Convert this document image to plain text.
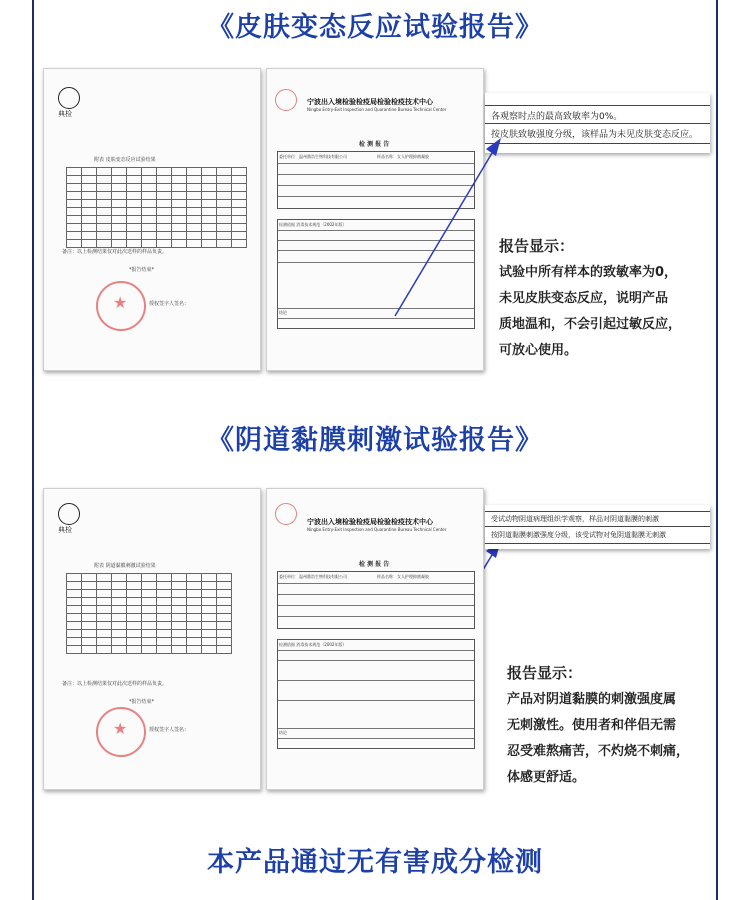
《皮肤变态反应试验报告》
典检
附表 皮肤变态反应试验结果

备注：以上检测结果仅对此次送样的样品负责。
*报告结束*
★
授权签字人签名：
宁波出入境检验检疫局检验检疫技术中心
Ningbo Entry-Exit Inspection and Quarantine Bureau Technical Center
检 测 报 告
委托单位：温州鼎浩生物科技有限公司	样品名称：女人护理抑菌凝胶
检测依据 消毒技术规范（2002年版）
结论
各观察时点的最高致敏率为0%。
按皮肤致敏强度分级，该样品为未见皮肤变态反应。
报告显示：
试验中所有样本的致敏率为0，
未见皮肤变态反应，说明产品
质地温和，不会引起过敏反应，
可放心使用。
《阴道黏膜刺激试验报告》
典检
附表 阴道黏膜刺激试验结果

备注：以上检测结果仅对此次送样的样品负责。
*报告结束*
★
授权签字人签名：
宁波出入境检验检疫局检验检疫技术中心
Ningbo Entry-Exit Inspection and Quarantine Bureau Technical Center
检 测 报 告
委托单位：温州鼎浩生物科技有限公司	样品名称：女人护理抑菌凝胶
检测依据 消毒技术规范（2002年版）
结论
受试动物阴道病理组织学观察，样品对阴道黏膜的刺激
按阴道黏膜刺激强度分级，该受试物对兔阴道黏膜无刺激
报告显示：
产品对阴道黏膜的刺激强度属
无刺激性。使用者和伴侣无需
忍受难熬痛苦，不灼烧不刺痛，
体感更舒适。
本产品通过无有害成分检测
